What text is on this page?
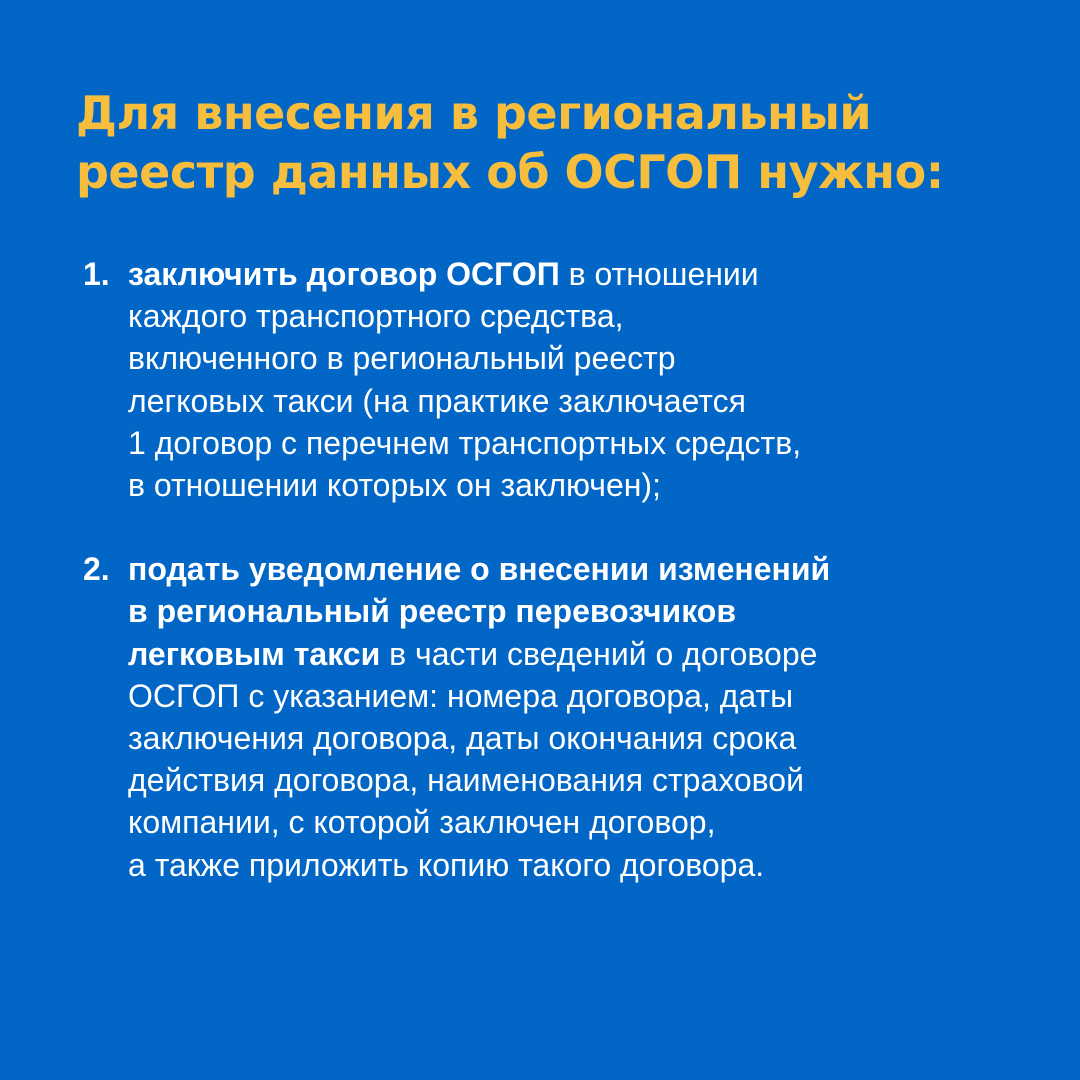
Для внесения в региональный
реестр данных об ОСГОП нужно:
1. заключить договор ОСГОП в отношении
каждого транспортного средства,
включенного в региональный реестр
легковых такси (на практике заключается
1 договор с перечнем транспортных средств,
в отношении которых он заключен);
2. подать уведомление о внесении изменений
в региональный реестр перевозчиков
легковым такси в части сведений о договоре
ОСГОП с указанием: номера договора, даты
заключения договора, даты окончания срока
действия договора, наименования страховой
компании, с которой заключен договор,
а также приложить копию такого договора.
